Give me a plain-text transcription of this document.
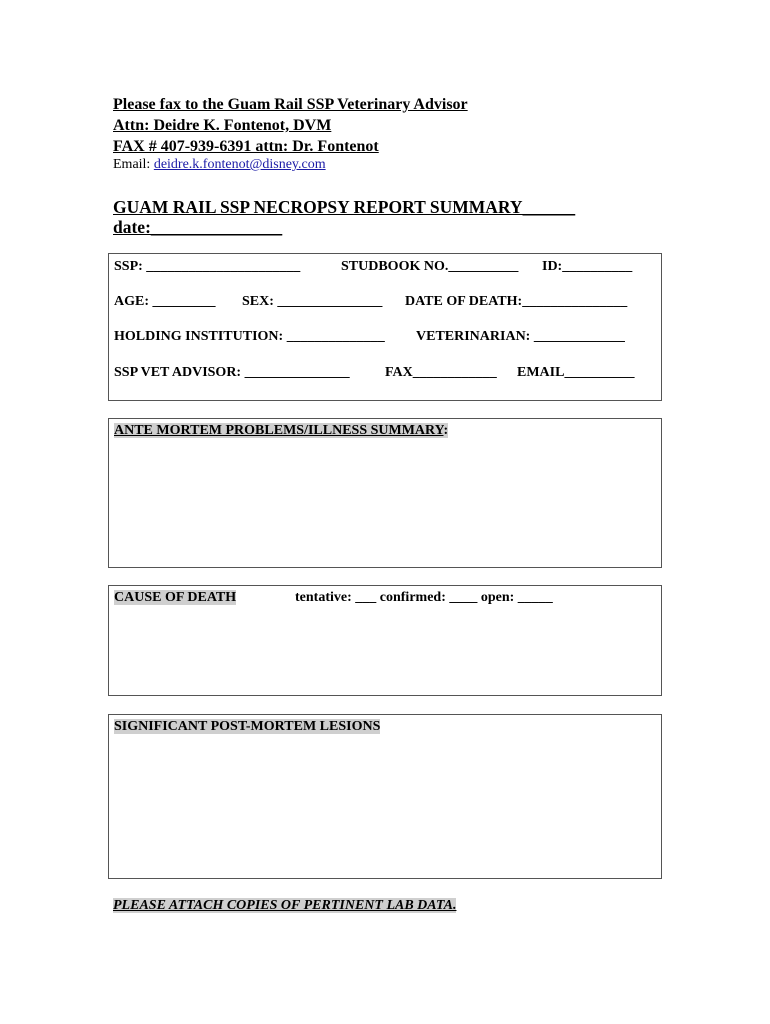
Please fax to the Guam Rail SSP Veterinary Advisor
Attn: Deidre K. Fontenot, DVM
FAX # 407-939-6391 attn: Dr. Fontenot
Email: deidre.k.fontenot@disney.com
GUAM RAIL SSP NECROPSY REPORT SUMMARY______
date:_______________
SSP: ______________________	STUDBOOK NO.__________ ID:__________
AGE: _________ SEX: _______________ DATE OF DEATH:_______________
HOLDING INSTITUTION: ______________ VETERINARIAN: _____________
SSP VET ADVISOR: _______________	FAX____________ EMAIL__________
ANTE MORTEM PROBLEMS/ILLNESS SUMMARY:
CAUSE OF DEATH	tentative: ___ confirmed: ____ open: _____
SIGNIFICANT POST-MORTEM LESIONS
PLEASE ATTACH COPIES OF PERTINENT LAB DATA.
